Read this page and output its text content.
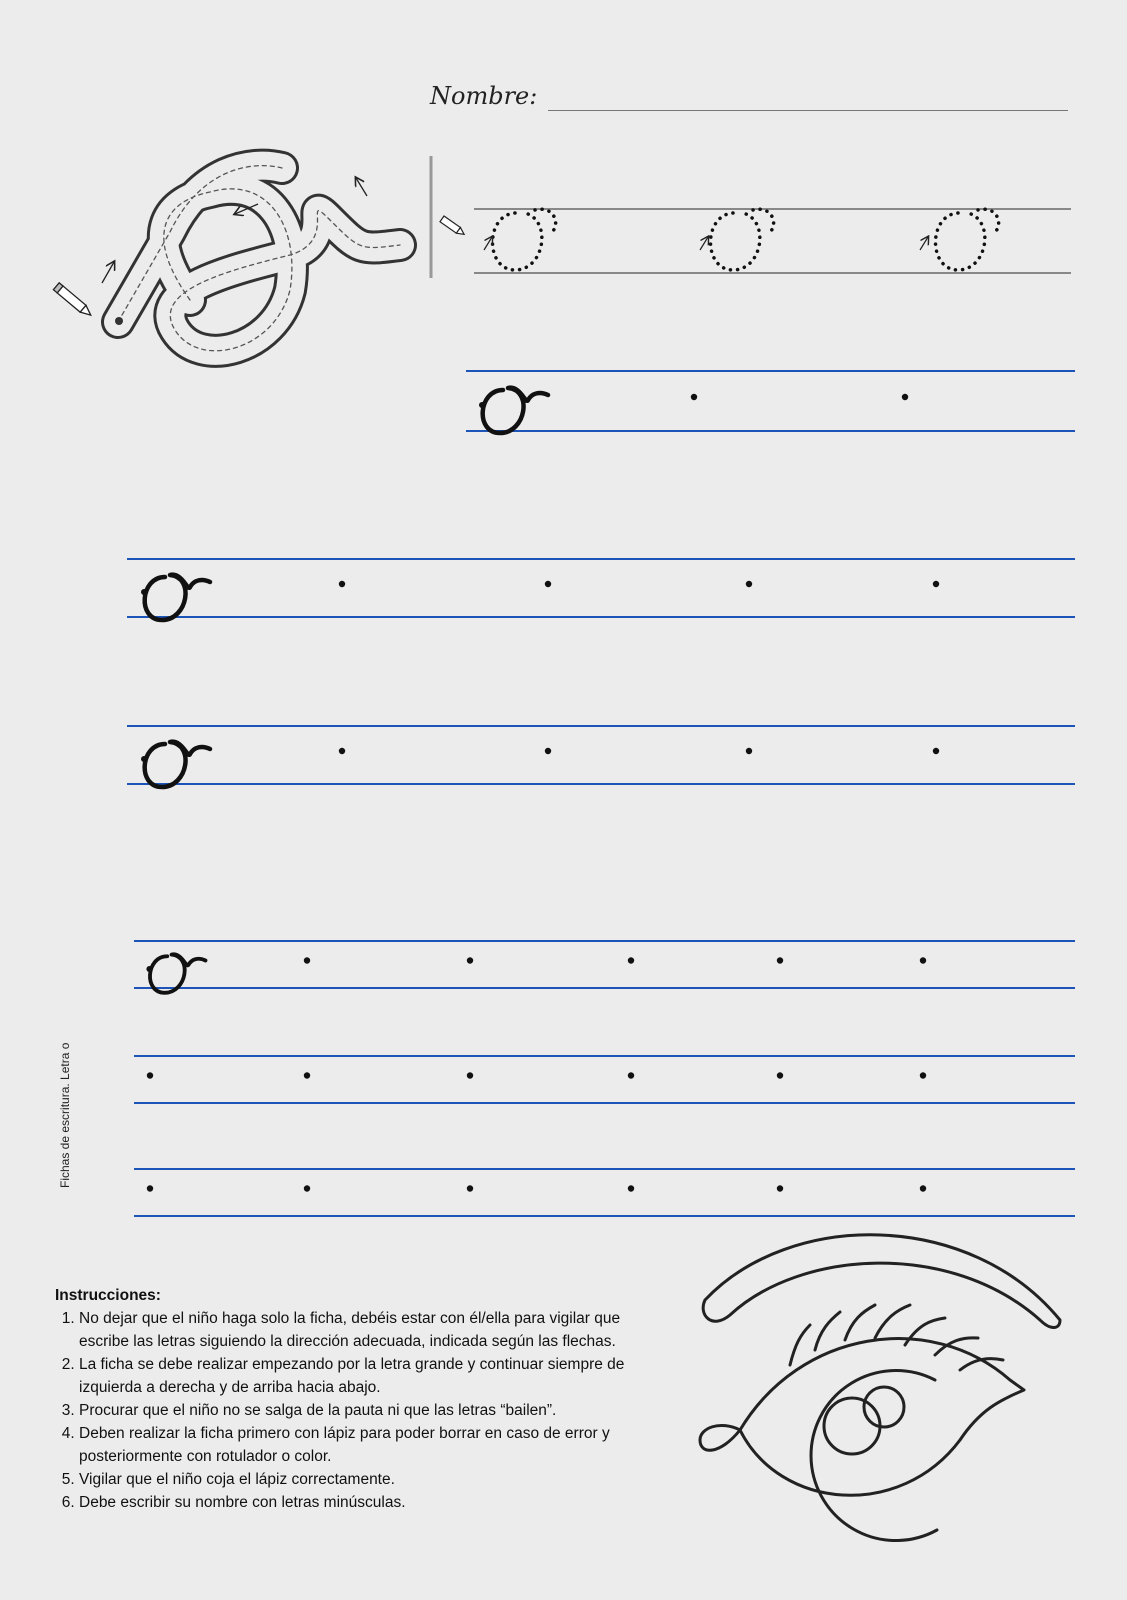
Nombre:
Fichas de escritura. Letra o
Instrucciones:
1. No dejar que el niño haga solo la ficha, debéis estar con él/ella para vigilar que escribe las letras siguiendo la dirección adecuada, indicada según las flechas.
2. La ficha se debe realizar empezando por la letra grande y continuar siempre de izquierda a derecha y de arriba hacia abajo.
3. Procurar que el niño no se salga de la pauta ni que las letras “bailen”.
4. Deben realizar la ficha primero con lápiz para poder borrar en caso de error y posteriormente con rotulador o color.
5. Vigilar que el niño coja el lápiz correctamente.
6. Debe escribir su nombre con letras minúsculas.
